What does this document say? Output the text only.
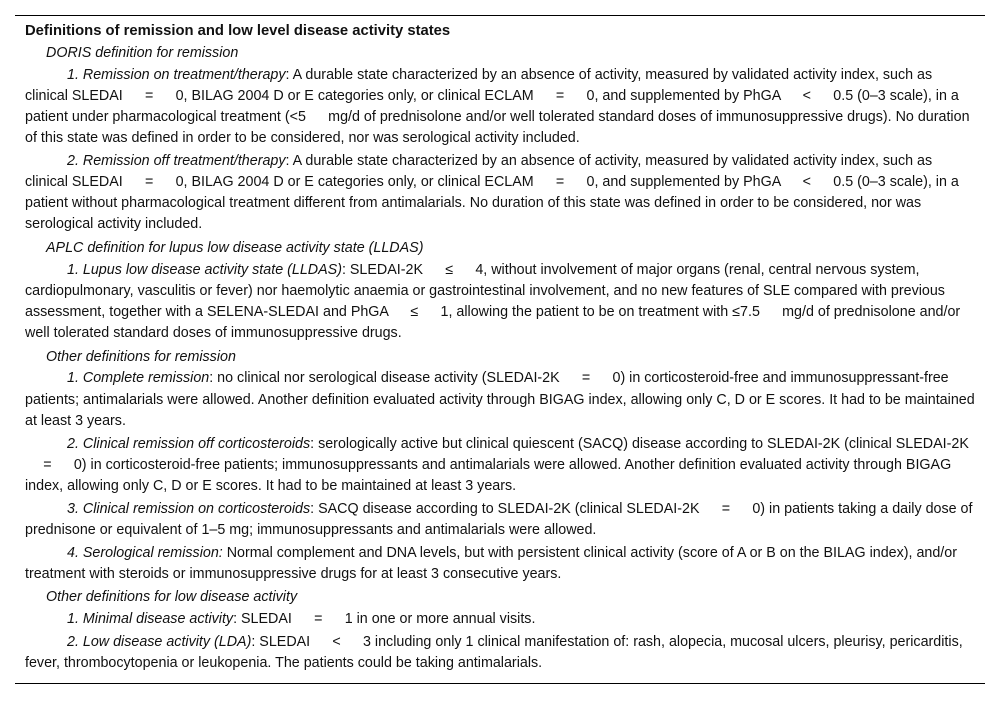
Definitions of remission and low level disease activity states
DORIS definition for remission
1. Remission on treatment/therapy: A durable state characterized by an absence of activity, measured by validated activity index, such as clinical SLEDAI   =   0, BILAG 2004 D or E categories only, or clinical ECLAM   =   0, and supplemented by PhGA   <   0.5 (0–3 scale), in a patient under pharmacological treatment (<5   mg/d of prednisolone and/or well tolerated standard doses of immunosuppressive drugs). No duration of this state was defined in order to be considered, nor was serological activity included.
2. Remission off treatment/therapy: A durable state characterized by an absence of activity, measured by validated activity index, such as clinical SLEDAI   =   0, BILAG 2004 D or E categories only, or clinical ECLAM   =   0, and supplemented by PhGA   <   0.5 (0–3 scale), in a patient without pharmacological treatment different from antimalarials. No duration of this state was defined in order to be considered, nor was serological activity included.
APLC definition for lupus low disease activity state (LLDAS)
1. Lupus low disease activity state (LLDAS): SLEDAI-2K   ≤   4, without involvement of major organs (renal, central nervous system, cardiopulmonary, vasculitis or fever) nor haemolytic anaemia or gastrointestinal involvement, and no new features of SLE compared with previous assessment, together with a SELENA-SLEDAI and PhGA   ≤   1, allowing the patient to be on treatment with ≤7.5   mg/d of prednisolone and/or well tolerated standard doses of immunosuppressive drugs.
Other definitions for remission
1. Complete remission: no clinical nor serological disease activity (SLEDAI-2K   =   0) in corticosteroid-free and immunosuppressant-free patients; antimalarials were allowed. Another definition evaluated activity through BIGAG index, allowing only C, D or E scores. It had to be maintained at least 3 years.
2. Clinical remission off corticosteroids: serologically active but clinical quiescent (SACQ) disease according to SLEDAI-2K (clinical SLEDAI-2K   =   0) in corticosteroid-free patients; immunosuppressants and antimalarials were allowed. Another definition evaluated activity through BIGAG index, allowing only C, D or E scores. It had to be maintained at least 3 years.
3. Clinical remission on corticosteroids: SACQ disease according to SLEDAI-2K (clinical SLEDAI-2K   =   0) in patients taking a daily dose of prednisone or equivalent of 1–5 mg; immunosuppressants and antimalarials were allowed.
4. Serological remission: Normal complement and DNA levels, but with persistent clinical activity (score of A or B on the BILAG index), and/or treatment with steroids or immunosuppressive drugs for at least 3 consecutive years.
Other definitions for low disease activity
1. Minimal disease activity: SLEDAI   =   1 in one or more annual visits.
2. Low disease activity (LDA): SLEDAI   <   3 including only 1 clinical manifestation of: rash, alopecia, mucosal ulcers, pleurisy, pericarditis, fever, thrombocytopenia or leukopenia. The patients could be taking antimalarials.
